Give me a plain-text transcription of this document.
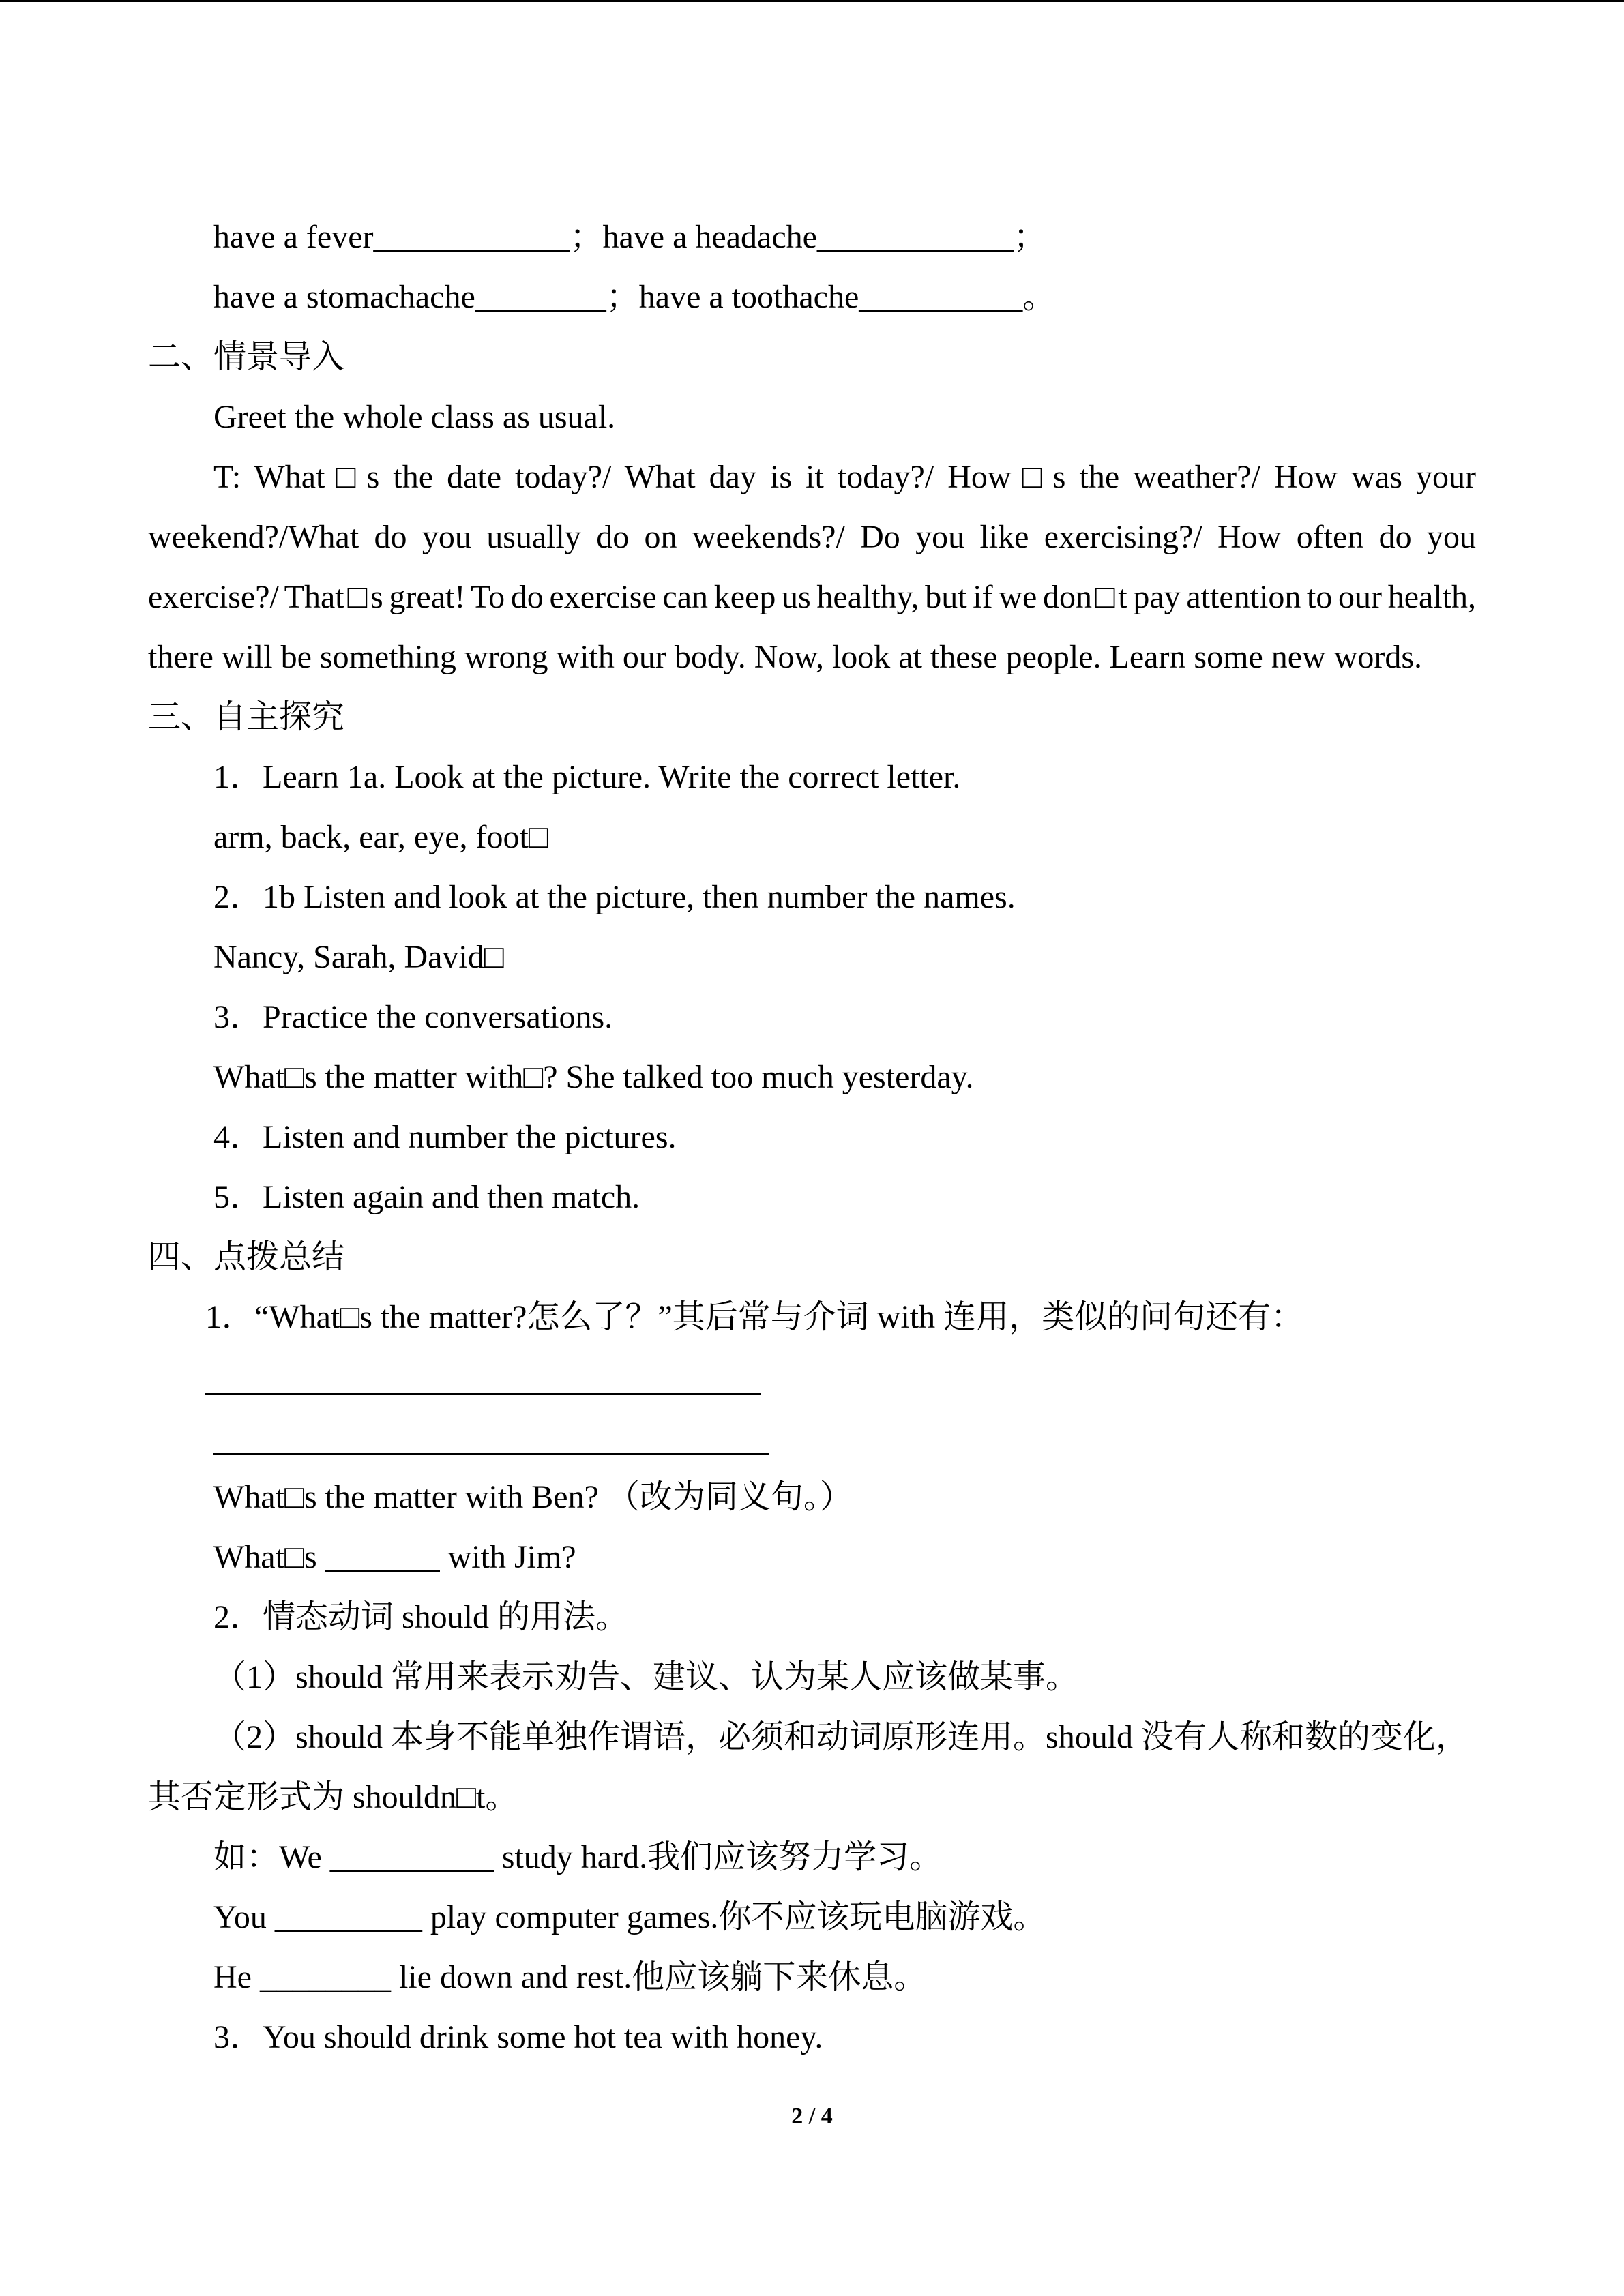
have a fever____________；have a headache____________；
have a stomachache________；have a toothache__________。
二、情景导入
Greet the whole class as usual.
T: What□s the date today?/ What day is it today?/ How□s the weather?/ How was your
weekend?/What do you usually do on weekends?/ Do you like exercising?/ How often do you
exercise?/ That□s great! To do exercise can keep us healthy, but if we don□t pay attention to our health,
there will be something wrong with our body. Now, look at these people. Learn some new words.
三、自主探究
1．Learn 1a. Look at the picture. Write the correct letter.
arm, back, ear, eye, foot□
2．1b Listen and look at the picture, then number the names.
Nancy, Sarah, David□
3．Practice the conversations.
What□s the matter with□? She talked too much yesterday.
4．Listen and number the pictures.
5．Listen again and then match.
四、点拨总结
1．“What□s the matter?怎么了？”其后常与介词 with 连用，类似的问句还有：
What□s the matter with Ben? （改为同义句。）
What□s _______ with Jim?
2．情态动词 should 的用法。
（1）should 常用来表示劝告、建议、认为某人应该做某事。
（2）should 本身不能单独作谓语，必须和动词原形连用。should 没有人称和数的变化，
其否定形式为 shouldn□t。
如：We __________ study hard.我们应该努力学习。
You _________ play computer games.你不应该玩电脑游戏。
He ________ lie down and rest.他应该躺下来休息。
3．You should drink some hot tea with honey.
2 / 4
